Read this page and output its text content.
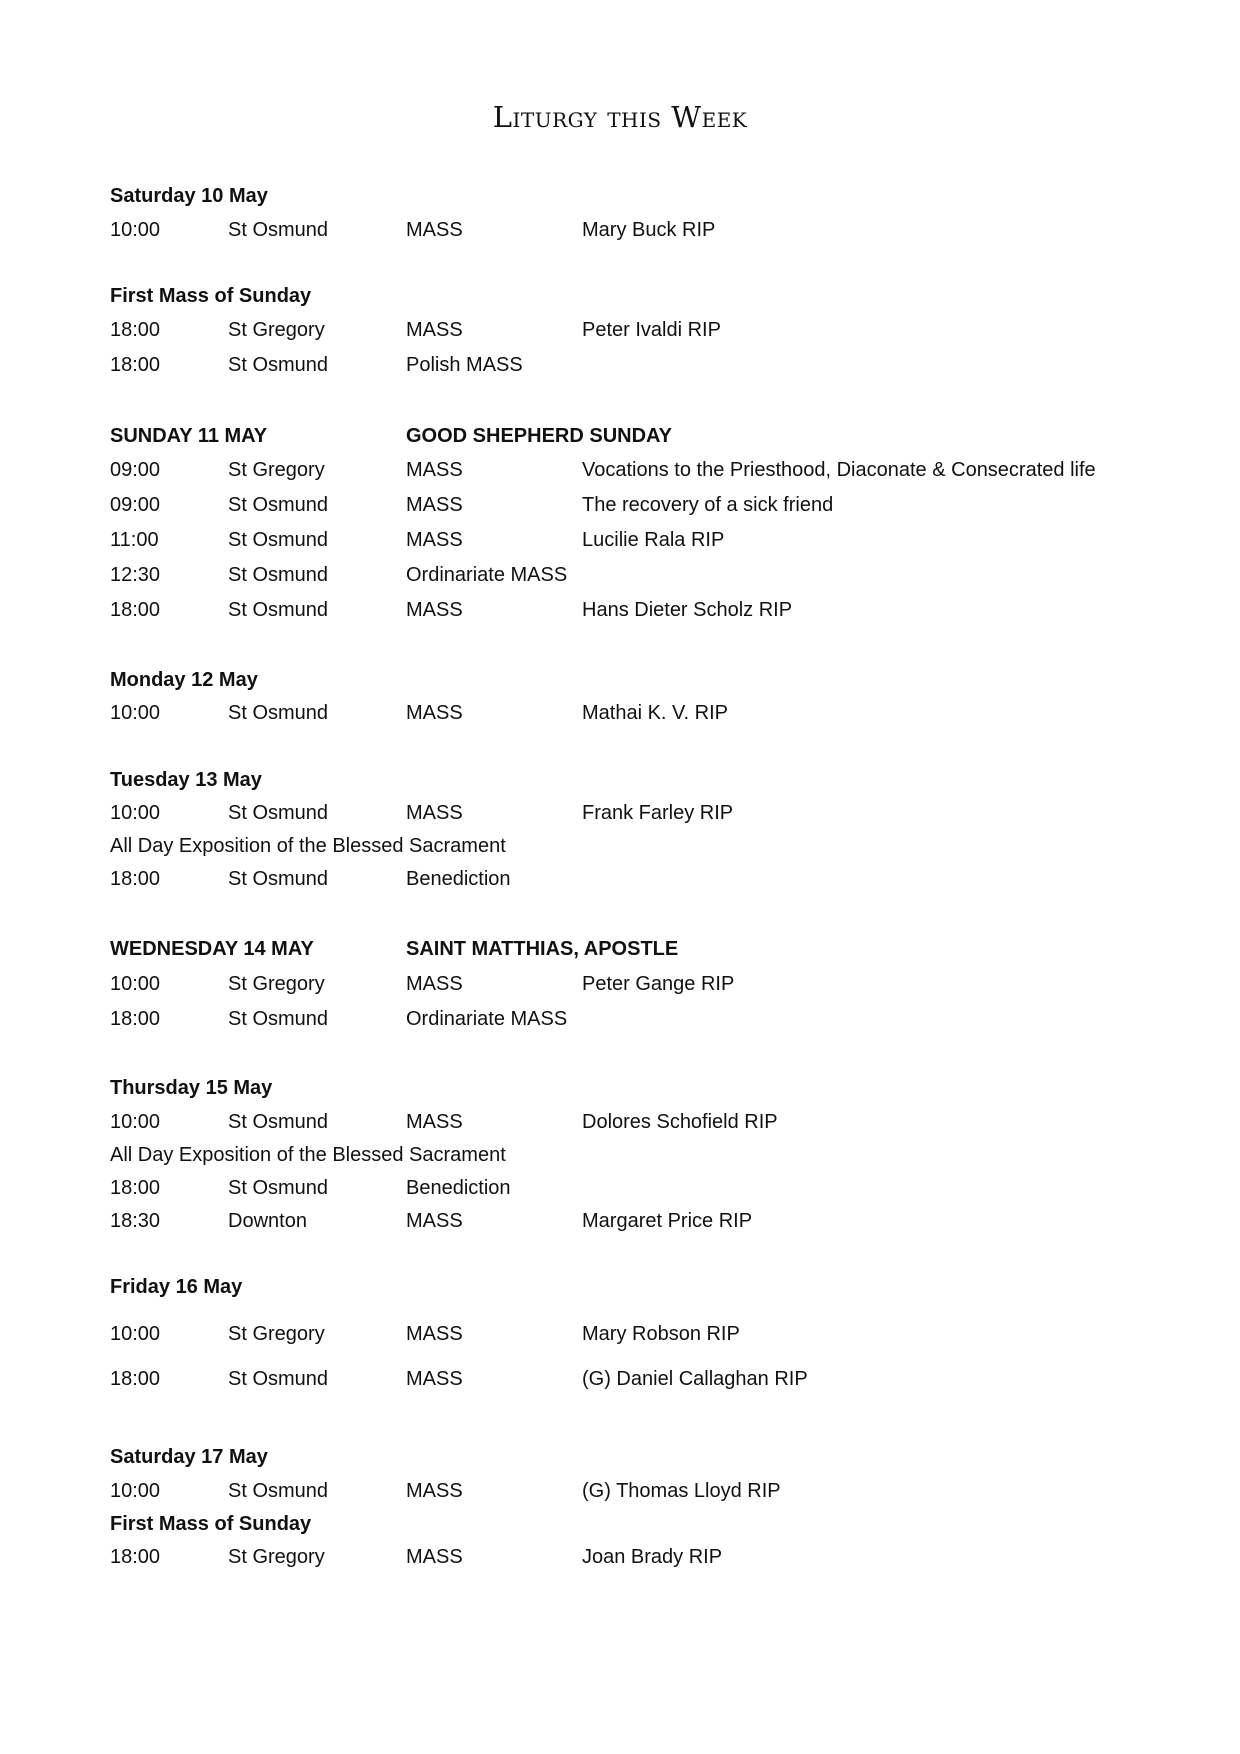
Liturgy this Week
Saturday 10 May
10:00	St Osmund	MASS	Mary Buck RIP
First Mass of Sunday
18:00	St Gregory	MASS	Peter Ivaldi RIP
18:00	St Osmund	Polish MASS
SUNDAY 11 MAY	GOOD SHEPHERD SUNDAY
09:00	St Gregory	MASS	Vocations to the Priesthood, Diaconate & Consecrated life
09:00	St Osmund	MASS	The recovery of a sick friend
11:00	St Osmund	MASS	Lucilie Rala RIP
12:30	St Osmund	Ordinariate MASS
18:00	St Osmund	MASS	Hans Dieter Scholz RIP
Monday 12 May
10:00	St Osmund	MASS	Mathai K. V. RIP
Tuesday 13 May
10:00	St Osmund	MASS	Frank Farley RIP
All Day Exposition of the Blessed Sacrament
18:00	St Osmund	Benediction
WEDNESDAY 14 MAY	SAINT MATTHIAS, APOSTLE
10:00	St Gregory	MASS	Peter Gange RIP
18:00	St Osmund	Ordinariate MASS
Thursday 15 May
10:00	St Osmund	MASS	Dolores Schofield RIP
All Day Exposition of the Blessed Sacrament
18:00	St Osmund	Benediction
18:30	Downton	MASS	Margaret Price RIP
Friday 16 May
10:00	St Gregory	MASS	Mary Robson RIP
18:00	St Osmund	MASS	(G) Daniel Callaghan RIP
Saturday 17 May
10:00	St Osmund	MASS	(G) Thomas Lloyd RIP
First Mass of Sunday
18:00	St Gregory	MASS	Joan Brady RIP
